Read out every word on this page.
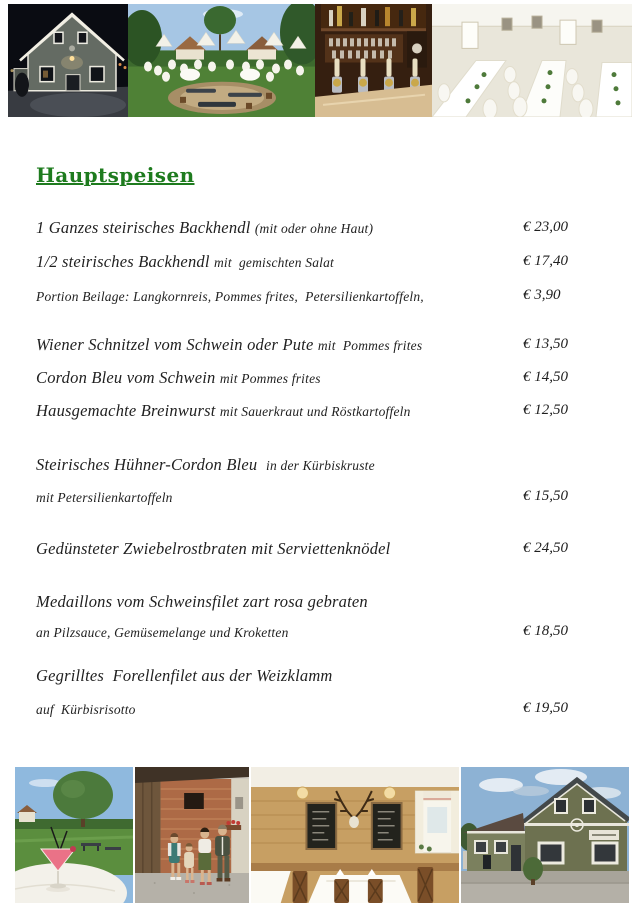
Hauptspeisen
1 Ganzes steirisches Backhendl (mit oder ohne Haut)	€ 23,00
1/2 steirisches Backhendl mit  gemischten Salat	€ 17,40
Portion Beilage: Langkornreis, Pommes frites,  Petersilienkartoffeln,	€ 3,90
Wiener Schnitzel vom Schwein oder Pute mit  Pommes frites	€ 13,50
Cordon Bleu vom Schwein mit Pommes frites	€ 14,50
Hausgemachte Breinwurst mit Sauerkraut und Röstkartoffeln	€ 12,50
Steirisches Hühner-Cordon Bleu  in der Kürbiskruste
mit Petersilienkartoffeln	€ 15,50
Gedünsteter Zwiebelrostbraten mit Serviettenknödel	€ 24,50
Medaillons vom Schweinsfilet zart rosa gebraten
an Pilzsauce, Gemüsemelange und Kroketten	€ 18,50
Gegrilltes  Forellenfilet aus der Weizklamm
auf  Kürbisrisotto	€ 19,50
